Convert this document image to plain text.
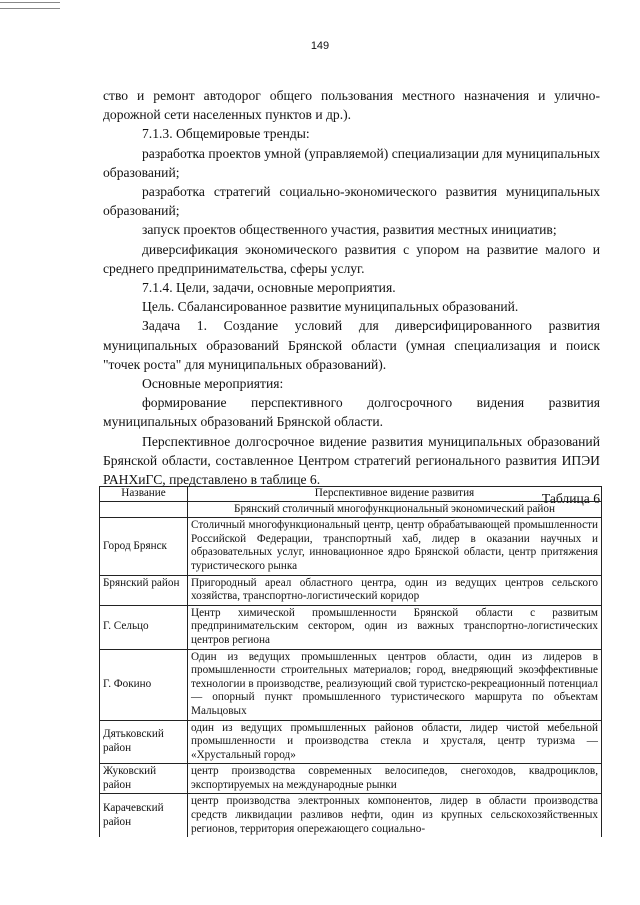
149

ство и ремонт автодорог общего пользования местного назначения и улично-дорожной сети населенных пунктов и др.).

7.1.3. Общемировые тренды:

разработка проектов умной (управляемой) специализации для муниципальных образований;

разработка стратегий социально-экономического развития муниципальных образований;

запуск проектов общественного участия, развития местных инициатив;

диверсификация экономического развития с упором на развитие малого и среднего предпринимательства, сферы услуг.

7.1.4. Цели, задачи, основные мероприятия.

Цель. Сбалансированное развитие муниципальных образований.

Задача 1. Создание условий для диверсифицированного развития муниципальных образований Брянской области (умная специализация и поиск "точек роста" для муниципальных образований).

Основные мероприятия:

формирование перспективного долгосрочного видения развития муниципальных образований Брянской области.

Перспективное долгосрочное видение развития муниципальных образований Брянской области, составленное Центром стратегий регионального развития ИПЭИ РАНХиГС, представлено в таблице 6.

Таблица 6

Название	Перспективное видение развития
	Брянский столичный многофункциональный экономический район
Город Брянск	Столичный многофункциональный центр, центр обрабатывающей промышленности Российской Федерации, транспортный хаб, лидер в оказании научных и образовательных услуг, инновационное ядро Брянской области, центр притяжения туристического рынка
Брянский район	Пригородный ареал областного центра, один из ведущих центров сельского хозяйства, транспортно-логистический коридор
Г. Сельцо	Центр химической промышленности Брянской области с развитым предпринимательским сектором, один из важных транспортно-логистических центров региона
Г. Фокино	Один из ведущих промышленных центров области, один из лидеров в промышленности строительных материалов; город, внедряющий экоэффективные технологии в производстве, реализующий свой туристско-рекреационный потенциал — опорный пункт промышленного туристического маршрута по объектам Мальцовых
Дятьковский район	один из ведущих промышленных районов области, лидер чистой мебельной промышленности и производства стекла и хрусталя, центр туризма — «Хрустальный город»
Жуковский район	центр производства современных велосипедов, снегоходов, квадроциклов, экспортируемых на международные рынки
Карачевский район	центр производства электронных компонентов, лидер в области производства средств ликвидации разливов нефти, один из крупных сельскохозяйственных регионов, территория опережающего социально-
